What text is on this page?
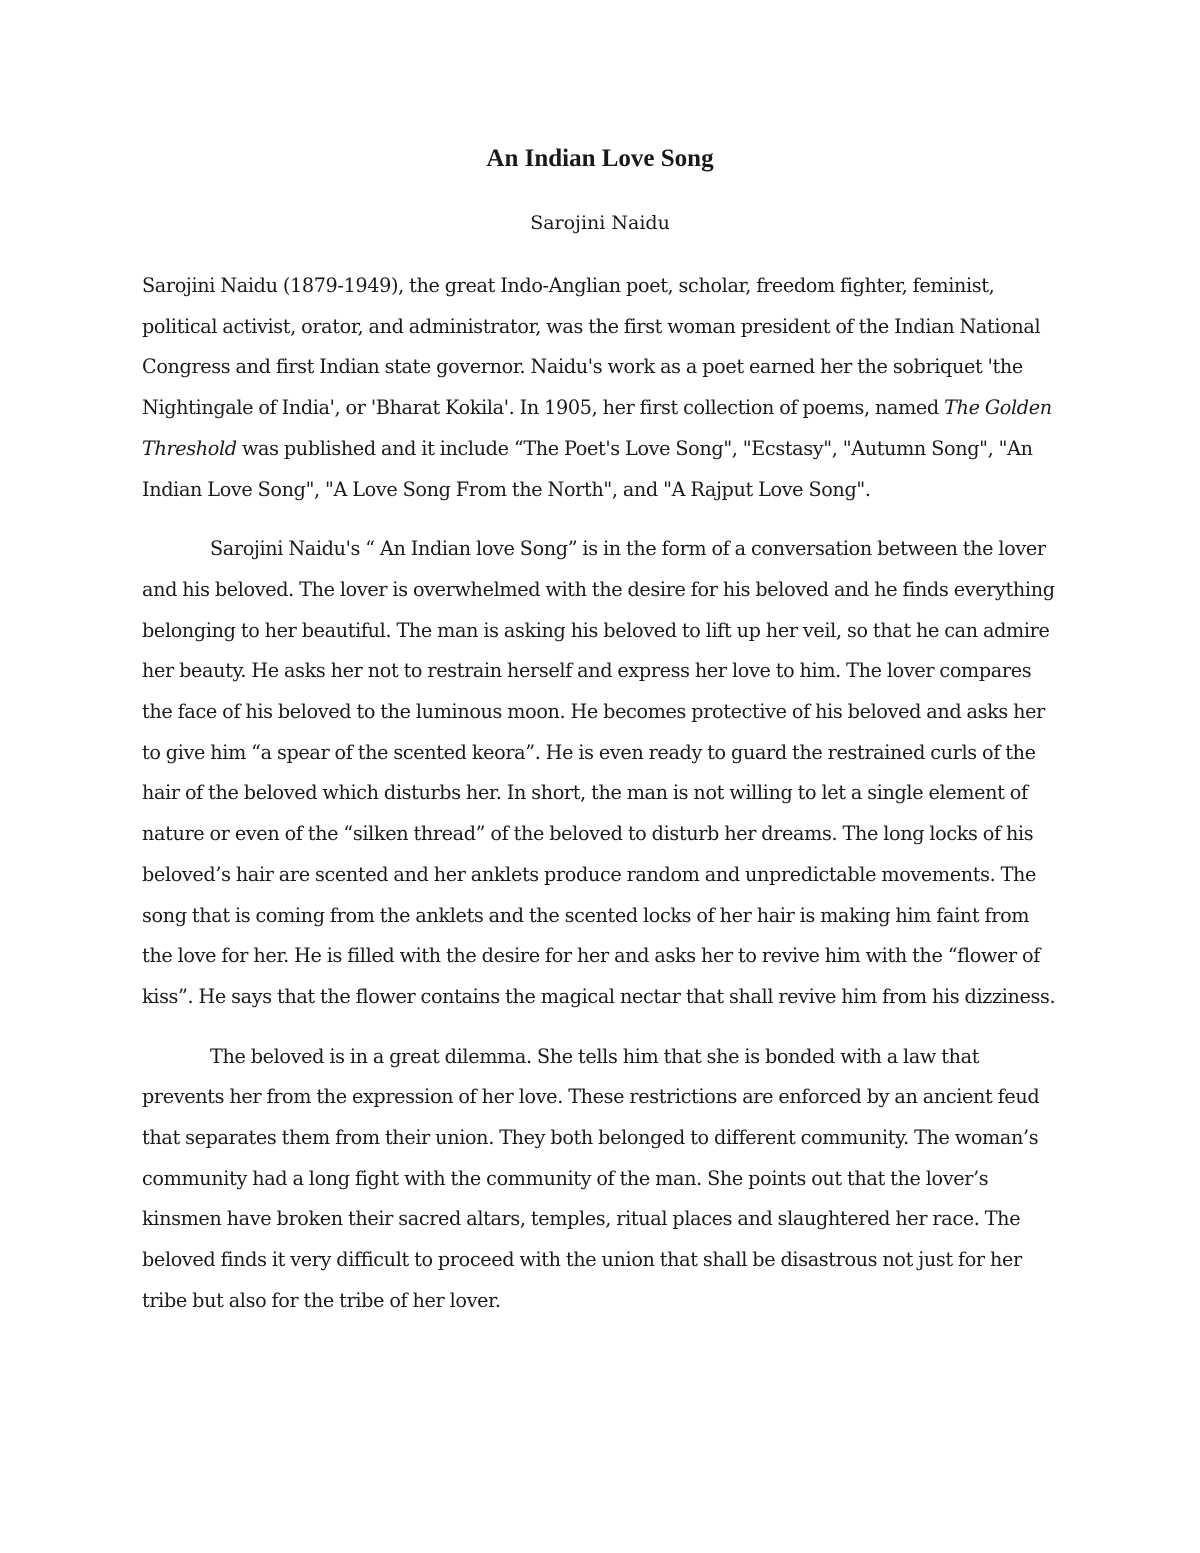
An Indian Love Song

Sarojini Naidu

Sarojini Naidu (1879-1949), the great Indo-Anglian poet, scholar, freedom fighter, feminist, political activist, orator, and administrator, was the first woman president of the Indian National Congress and first Indian state governor. Naidu's work as a poet earned her the sobriquet 'the Nightingale of India', or 'Bharat Kokila'. In 1905, her first collection of poems, named The Golden Threshold was published and it include “The Poet's Love Song", "Ecstasy", "Autumn Song", "An Indian Love Song", "A Love Song From the North", and "A Rajput Love Song".

Sarojini Naidu's “ An Indian love Song” is in the form of a conversation between the lover and his beloved. The lover is overwhelmed with the desire for his beloved and he finds everything belonging to her beautiful. The man is asking his beloved to lift up her veil, so that he can admire her beauty. He asks her not to restrain herself and express her love to him. The lover compares the face of his beloved to the luminous moon. He becomes protective of his beloved and asks her to give him “a spear of the scented keora”. He is even ready to guard the restrained curls of the hair of the beloved which disturbs her. In short, the man is not willing to let a single element of nature or even of the “silken thread” of the beloved to disturb her dreams. The long locks of his beloved’s hair are scented and her anklets produce random and unpredictable movements. The song that is coming from the anklets and the scented locks of her hair is making him faint from the love for her. He is filled with the desire for her and asks her to revive him with the “flower of kiss”. He says that the flower contains the magical nectar that shall revive him from his dizziness.

The beloved is in a great dilemma. She tells him that she is bonded with a law that prevents her from the expression of her love. These restrictions are enforced by an ancient feud that separates them from their union. They both belonged to different community. The woman’s community had a long fight with the community of the man. She points out that the lover’s kinsmen have broken their sacred altars, temples, ritual places and slaughtered her race. The beloved finds it very difficult to proceed with the union that shall be disastrous not just for her tribe but also for the tribe of her lover.
